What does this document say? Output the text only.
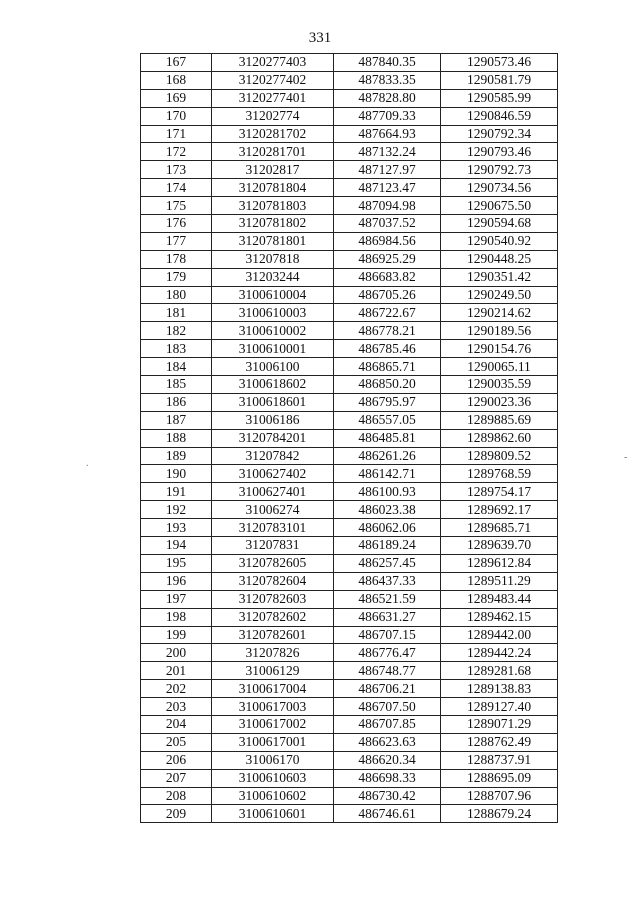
331
167	3120277403	487840.35	1290573.46
168	3120277402	487833.35	1290581.79
169	3120277401	487828.80	1290585.99
170	31202774	487709.33	1290846.59
171	3120281702	487664.93	1290792.34
172	3120281701	487132.24	1290793.46
173	31202817	487127.97	1290792.73
174	3120781804	487123.47	1290734.56
175	3120781803	487094.98	1290675.50
176	3120781802	487037.52	1290594.68
177	3120781801	486984.56	1290540.92
178	31207818	486925.29	1290448.25
179	31203244	486683.82	1290351.42
180	3100610004	486705.26	1290249.50
181	3100610003	486722.67	1290214.62
182	3100610002	486778.21	1290189.56
183	3100610001	486785.46	1290154.76
184	31006100	486865.71	1290065.11
185	3100618602	486850.20	1290035.59
186	3100618601	486795.97	1290023.36
187	31006186	486557.05	1289885.69
188	3120784201	486485.81	1289862.60
189	31207842	486261.26	1289809.52
190	3100627402	486142.71	1289768.59
191	3100627401	486100.93	1289754.17
192	31006274	486023.38	1289692.17
193	3120783101	486062.06	1289685.71
194	31207831	486189.24	1289639.70
195	3120782605	486257.45	1289612.84
196	3120782604	486437.33	1289511.29
197	3120782603	486521.59	1289483.44
198	3120782602	486631.27	1289462.15
199	3120782601	486707.15	1289442.00
200	31207826	486776.47	1289442.24
201	31006129	486748.77	1289281.68
202	3100617004	486706.21	1289138.83
203	3100617003	486707.50	1289127.40
204	3100617002	486707.85	1289071.29
205	3100617001	486623.63	1288762.49
206	31006170	486620.34	1288737.91
207	3100610603	486698.33	1288695.09
208	3100610602	486730.42	1288707.96
209	3100610601	486746.61	1288679.24
.
-
